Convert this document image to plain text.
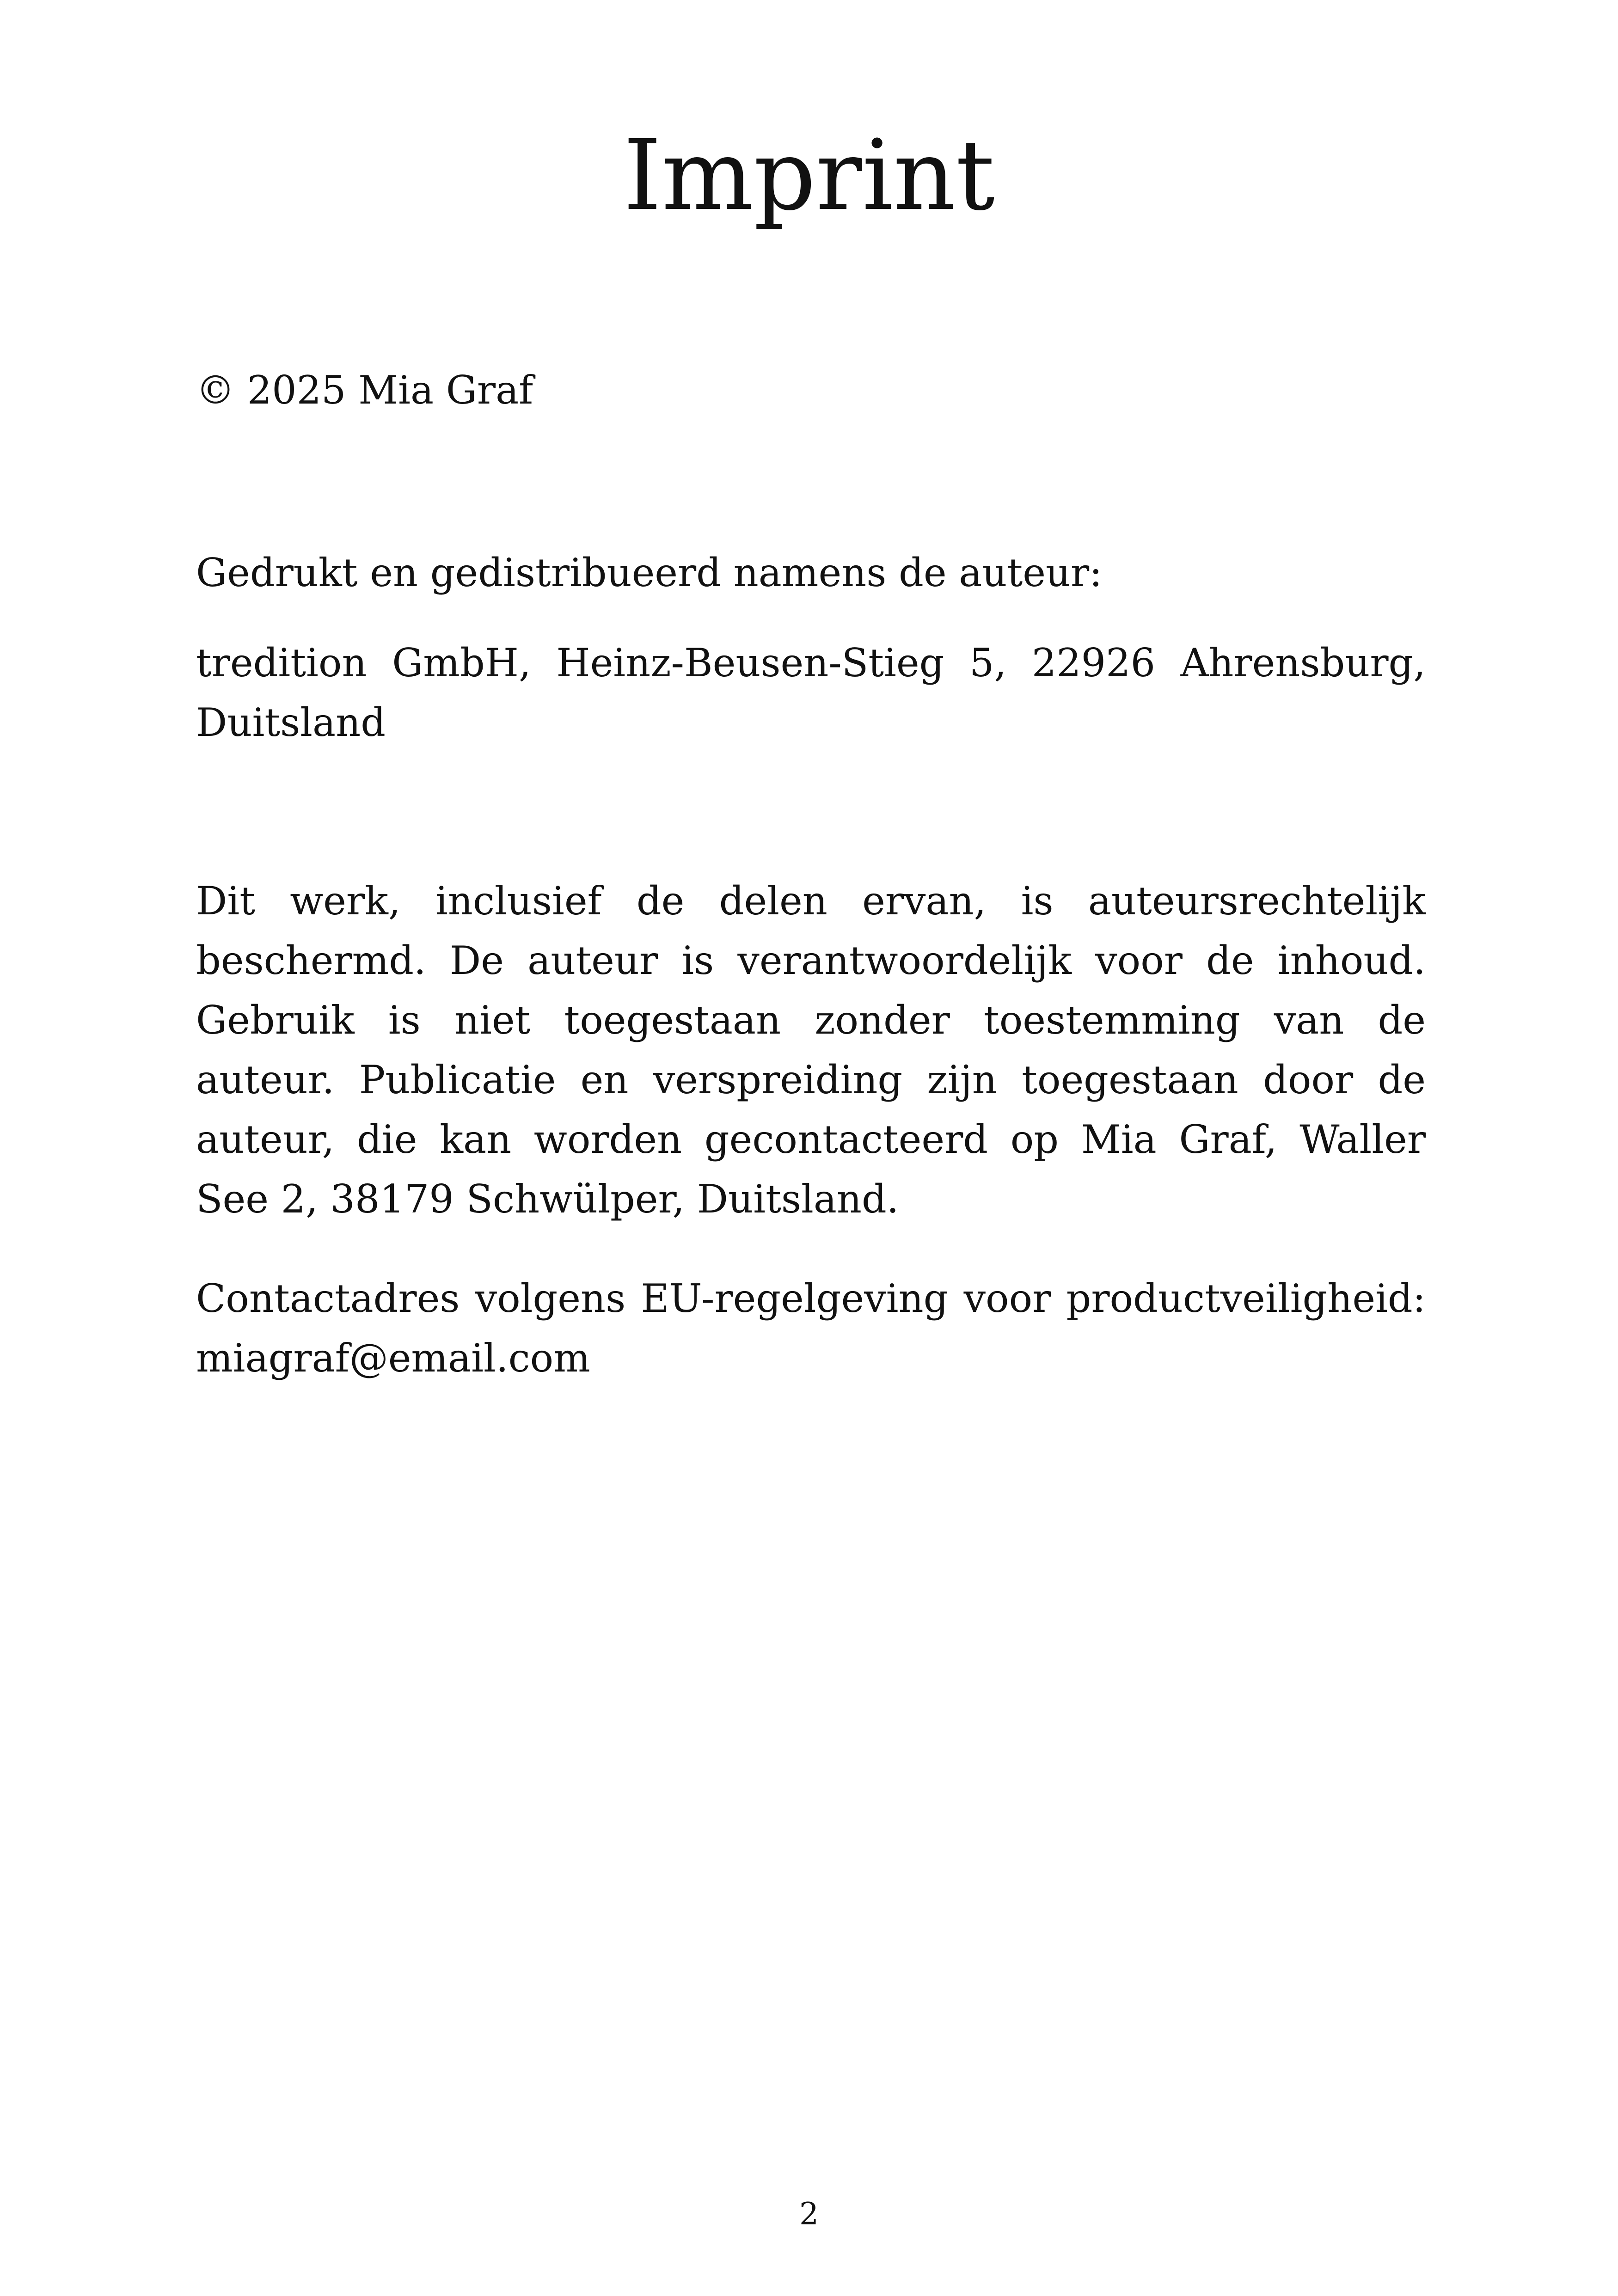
Imprint

© 2025 Mia Graf

Gedrukt en gedistribueerd namens de auteur:

tredition GmbH, Heinz-Beusen-Stieg 5, 22926 Ahrensburg, Duitsland

Dit werk, inclusief de delen ervan, is auteursrechtelijk beschermd. De auteur is verantwoordelijk voor de inhoud. Gebruik is niet toegestaan zonder toestemming van de auteur. Publicatie en verspreiding zijn toegestaan door de auteur, die kan worden gecontacteerd op Mia Graf, Waller See 2, 38179 Schwülper, Duitsland.

Contactadres volgens EU-regelgeving voor productveiligheid: miagraf@email.com

2
